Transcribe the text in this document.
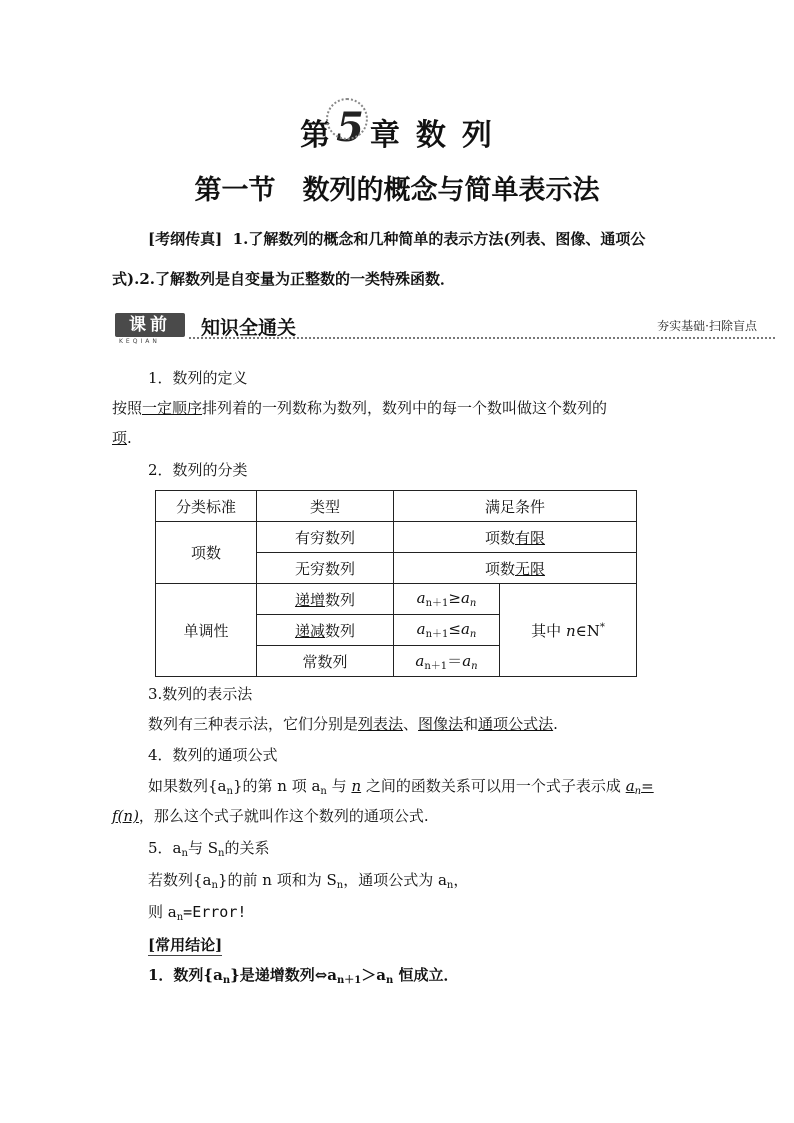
第 5 章 数 列
第一节　数列的概念与简单表示法
[考纲传真] 1.了解数列的概念和几种简单的表示方法(列表、图像、通项公
式).2.了解数列是自变量为正整数的一类特殊函数．
课前
KEQIAN
知识全通关	夯实基础·扫除盲点
1．数列的定义
按照一定顺序排列着的一列数称为数列，数列中的每一个数叫做这个数列的
项.
2．数列的分类
分类标准	类型	满足条件	
项数	有穷数列	项数有限	
	无穷数列	项数无限	
单调性	递增数列	$a_{n+1}\ge a_n$	其中 n∈N*
	递减数列	$a_{n+1}\le a_n$
	常数列	$a_{n+1}=a_n$
3.数列的表示法
数列有三种表示法，它们分别是列表法、图像法和通项公式法.
4．数列的通项公式
如果数列$\{a_n\}$的第 n 项 $a_n$ 与 n 之间的函数关系可以用一个式子表示成 $a_n=$
f(n)，那么这个式子就叫作这个数列的通项公式.
5．$a_n$与 $S_n$的关系
若数列$\{a_n\}$的前 n 项和为 $S_n$，通项公式为 $a_n$，
则 $a_n=Error$!
[常用结论]
1．数列$\{a_n\}$是递增数列$\Leftrightarrow a_{n+1}>a_n$ 恒成立．
